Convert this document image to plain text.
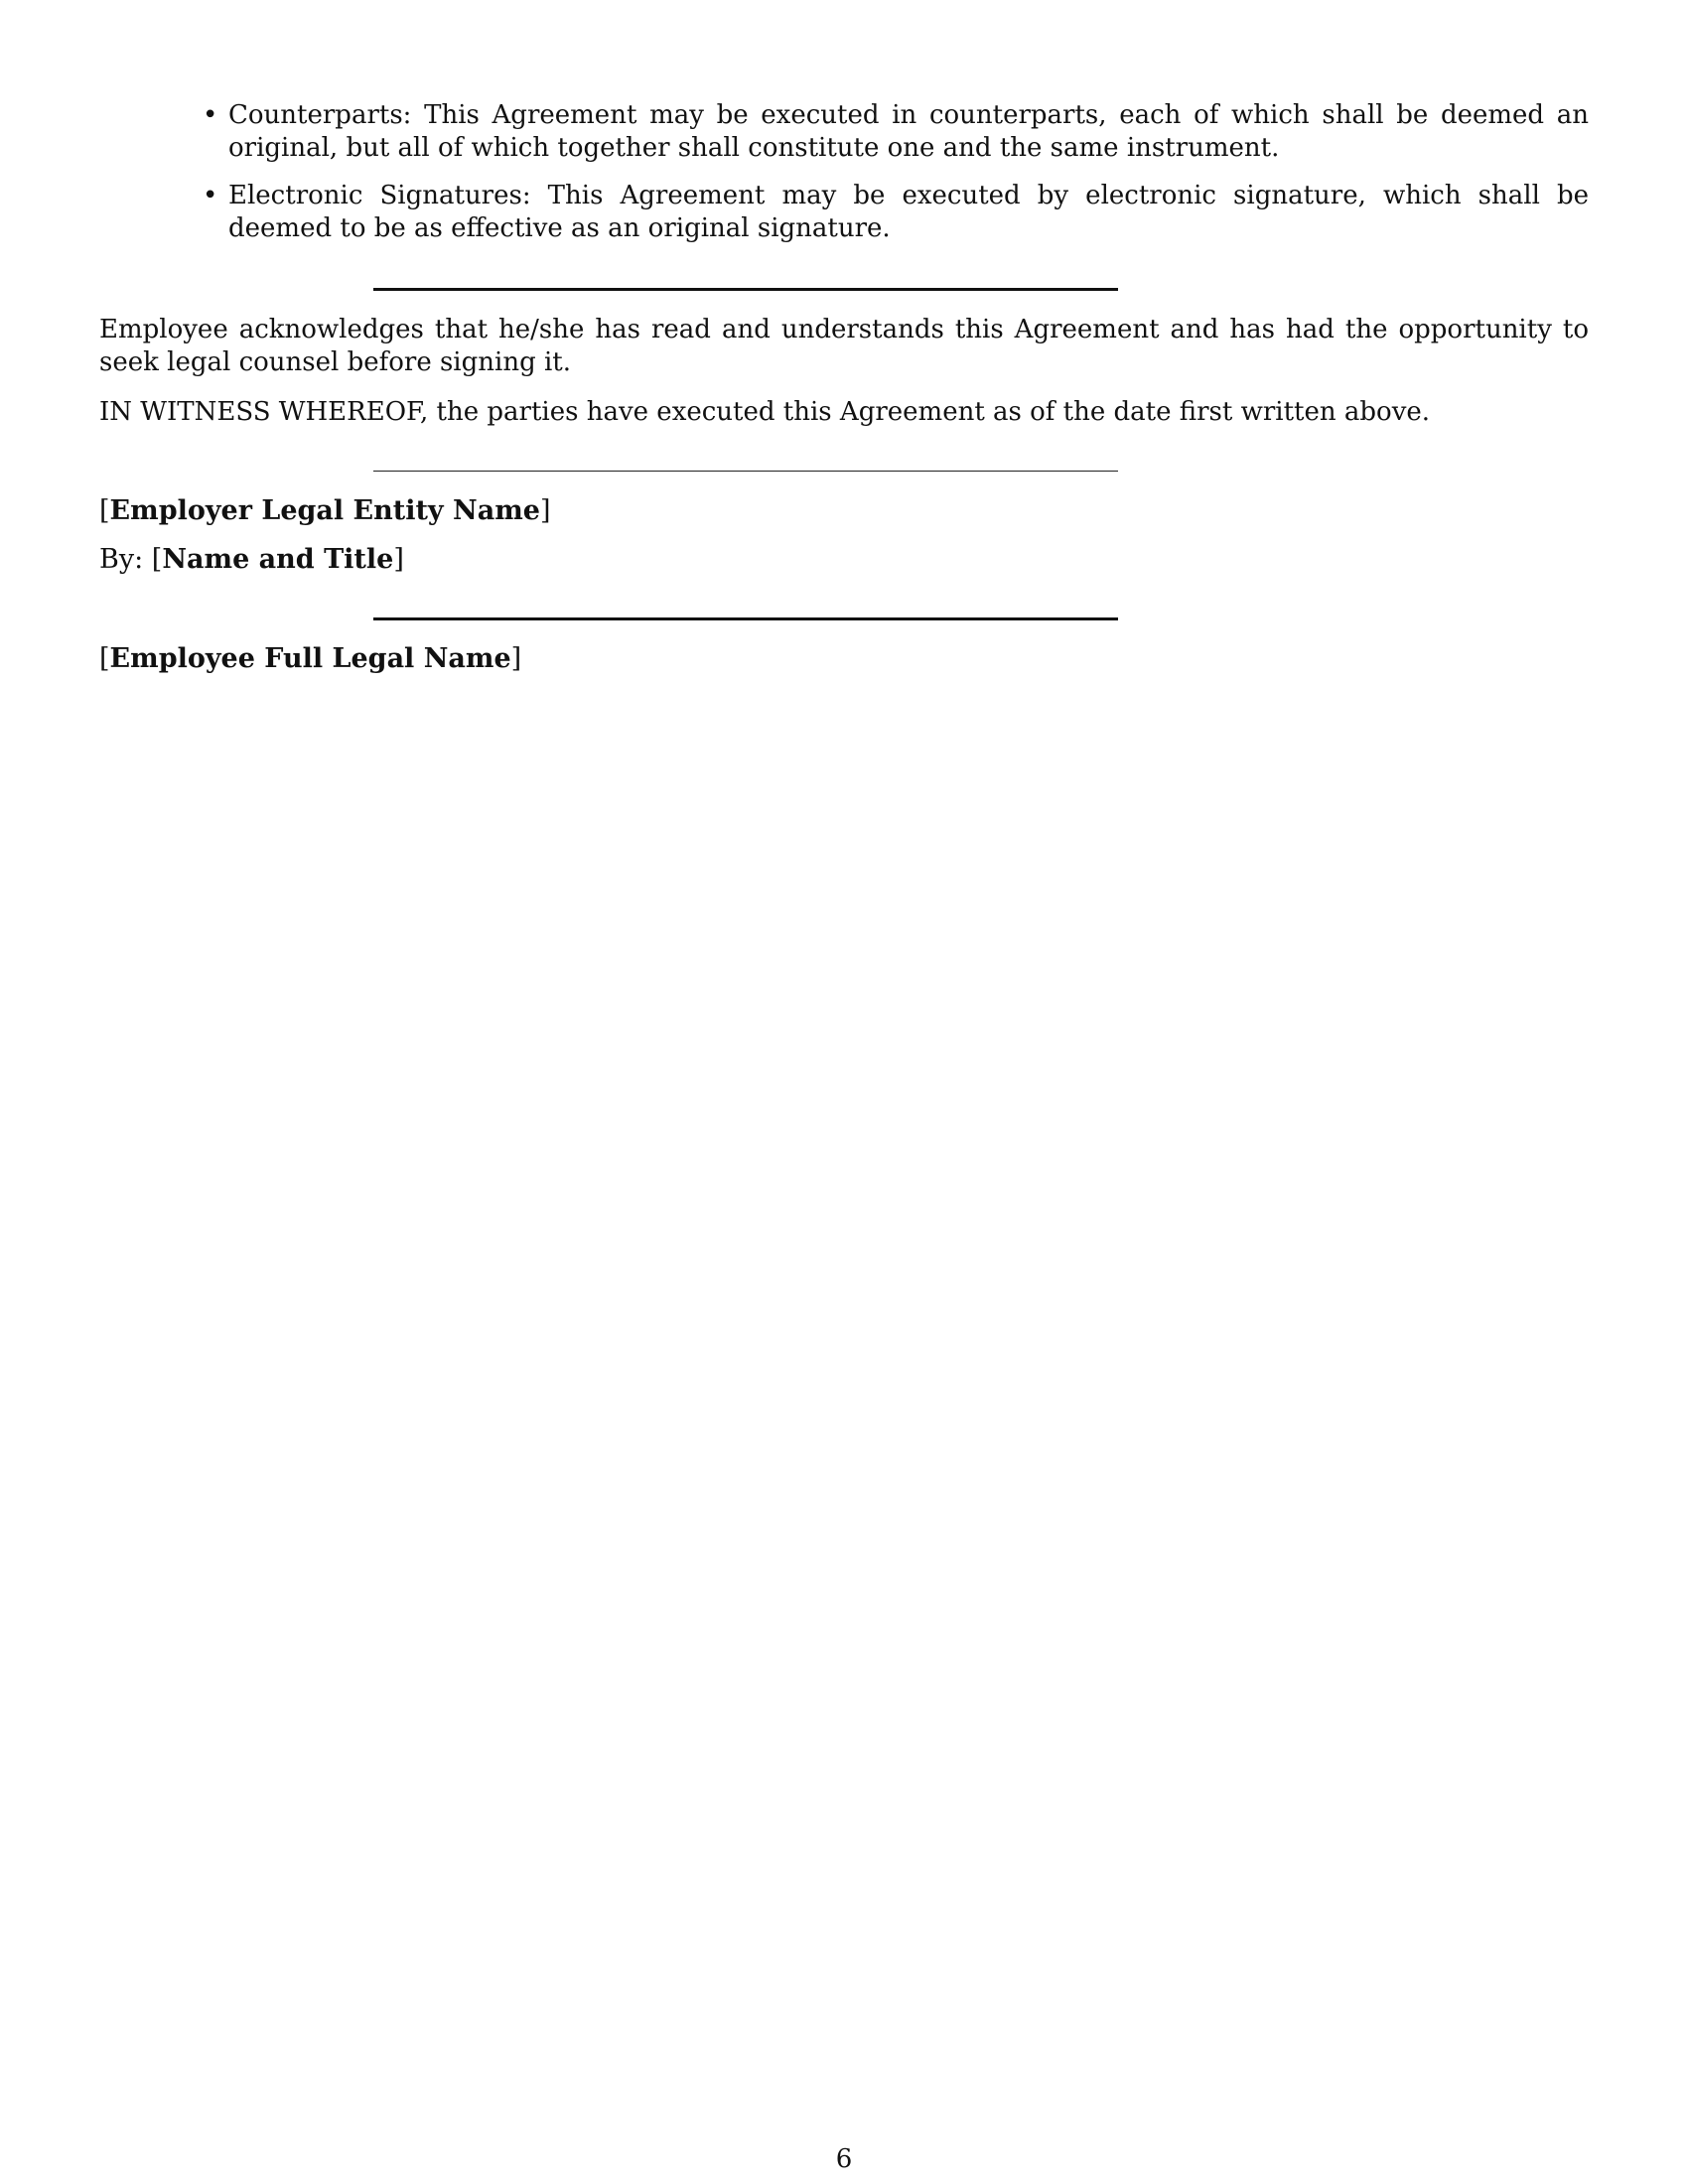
• Counterparts: This Agreement may be executed in counterparts, each of which shall be deemed an original, but all of which together shall constitute one and the same instrument.
• Electronic Signatures: This Agreement may be executed by electronic signature, which shall be deemed to be as effective as an original signature.

Employee acknowledges that he/she has read and understands this Agreement and has had the opportunity to seek legal counsel before signing it.

IN WITNESS WHEREOF, the parties have executed this Agreement as of the date first written above.

[Employer Legal Entity Name]

By: [Name and Title]

[Employee Full Legal Name]

6
